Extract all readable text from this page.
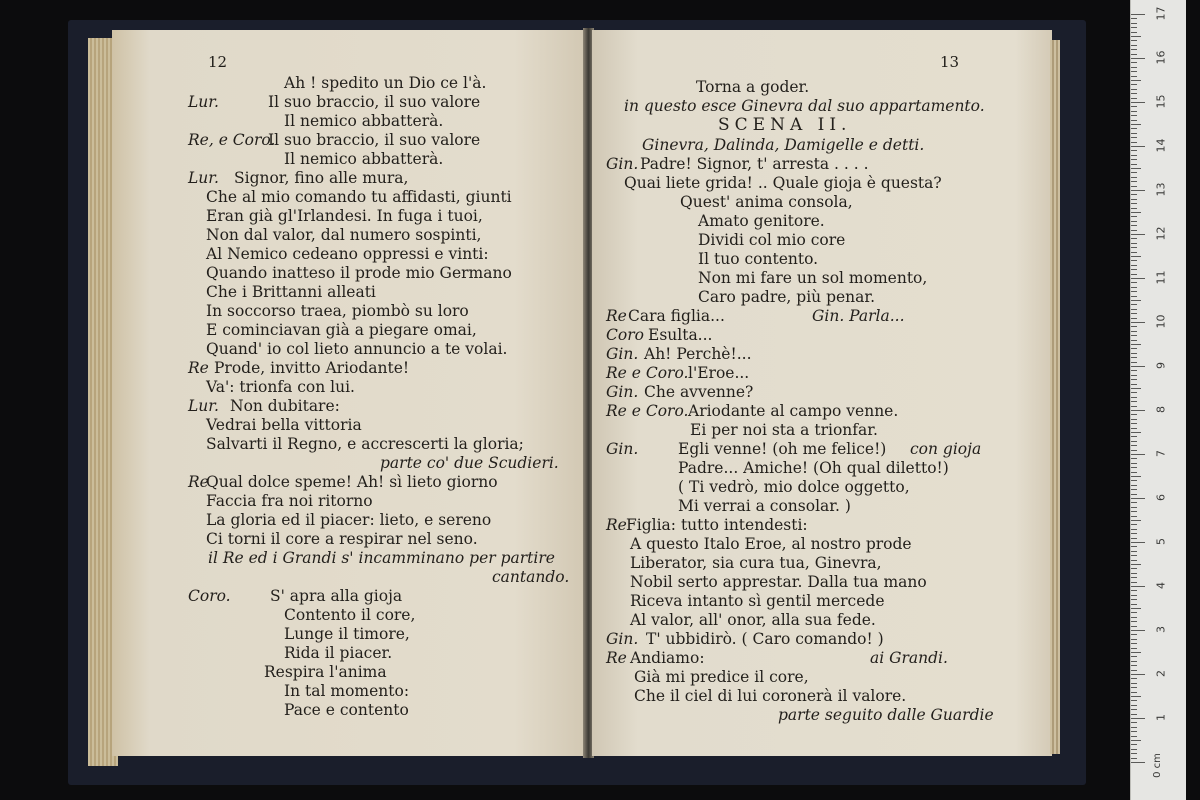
12
Ah ! spedito un Dio ce l'à.
Lur.	Il suo braccio, il suo valore
Il nemico abbatterà.
Re, e Coro.
Il suo braccio, il suo valore
Il nemico abbatterà.
Lur. Signor, fino alle mura,
Che al mio comando tu affidasti, giunti
Eran già gl'Irlandesi. In fuga i tuoi,
Non dal valor, dal numero sospinti,
Al Nemico cedeano oppressi e vinti:
Quando inatteso il prode mio Germano
Che i Brittanni alleati
In soccorso traea, piombò su loro
E cominciavan già a piegare omai,
Quand' io col lieto annuncio a te volai.
Re Prode, invitto Ariodante!
Va': trionfa con lui.
Lur. Non dubitare:
Vedrai bella vittoria
Salvarti il Regno, e accrescerti la gloria;
parte co' due Scudieri.
Re
Qual dolce speme! Ah! sì lieto giorno
Faccia fra noi ritorno
La gloria ed il piacer: lieto, e sereno
Ci torni il core a respirar nel seno.
il Re ed i Grandi s' incamminano per partire
cantando.
Coro.	S' apra alla gioja
Contento il core,
Lunge il timore,
Rida il piacer.
Respira l'anima
In tal momento:
Pace e contento
13
Torna a goder.
in questo esce Ginevra dal suo appartamento.
SCENA II.
Ginevra, Dalinda, Damigelle e detti.
Gin. Padre! Signor, t' arresta . . . .
Quai liete grida! .. Quale gioja è questa?
Quest' anima consola,
Amato genitore.
Dividi col mio core
Il tuo contento.
Non mi fare un sol momento,
Caro padre, più penar.
Re Cara figlia...	Gin. Parla...
Coro Esulta...
Gin. Ah! Perchè!...
Re e Coro. l'Eroe...
Gin. Che avvenne?
Re e Coro. Ariodante al campo venne.
Ei per noi sta a trionfar.
Gin.	Egli venne! (oh me felice!) con gioja
Padre... Amiche! (Oh qual diletto!)
( Ti vedrò, mio dolce oggetto,
Mi verrai a consolar. )
Re Figlia: tutto intendesti:
A questo Italo Eroe, al nostro prode
Liberator, sia cura tua, Ginevra,
Nobil serto apprestar. Dalla tua mano
Riceva intanto sì gentil mercede
Al valor, all' onor, alla sua fede.
Gin. T' ubbidirò. ( Caro comando! )
Re Andiamo:	ai Grandi.
Già mi predice il core,
Che il ciel di lui coronerà il valore.
parte seguito dalle Guardie
0 cm
1
2
3
4
5
6
7
8
9
10
11
12
13
14
15
16
17
